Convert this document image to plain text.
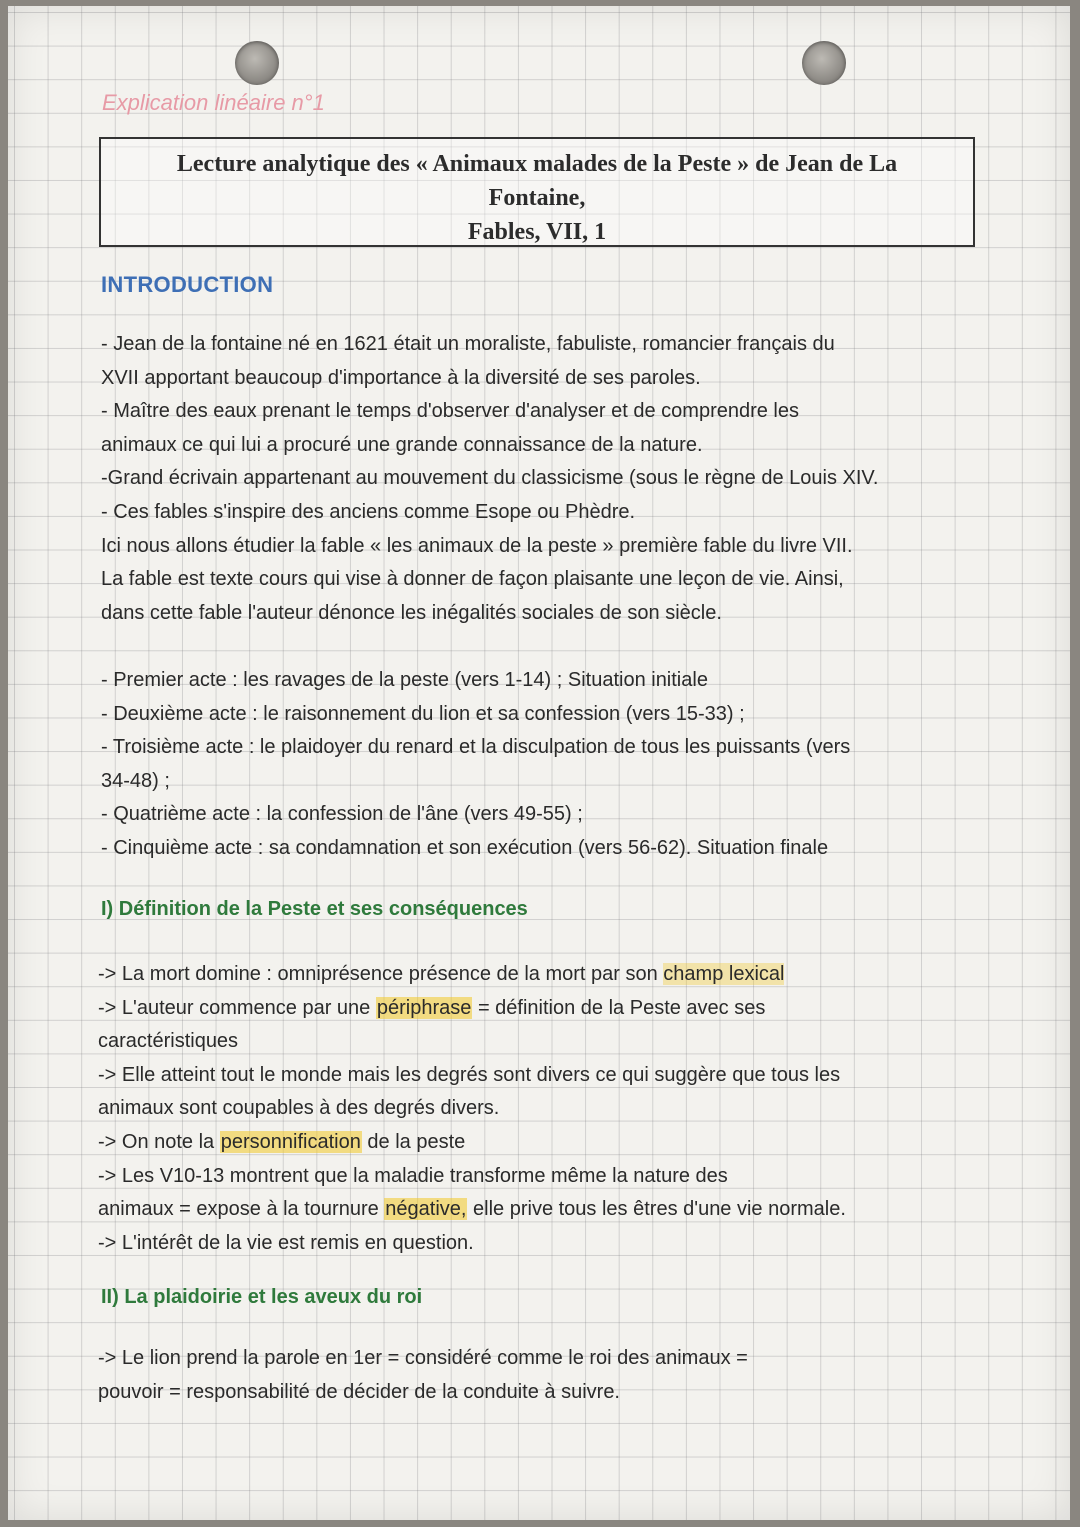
Explication linéaire n°1
Lecture analytique des « Animaux malades de la Peste » de Jean de La
Fontaine,
Fables, VII, 1
INTRODUCTION

- Jean de la fontaine né en 1621 était un moraliste, fabuliste, romancier français du

XVII apportant beaucoup d'importance à la diversité de ses paroles.

- Maître des eaux prenant le temps d'observer d'analyser et de comprendre les

animaux ce qui lui a procuré une grande connaissance de la nature.

-Grand écrivain appartenant au mouvement du classicisme (sous le règne de Louis XIV.

- Ces fables s'inspire des anciens comme Esope ou Phèdre.

Ici nous allons étudier la fable « les animaux de la peste » première fable du livre VII.

La fable est texte cours qui vise à donner de façon plaisante une leçon de vie. Ainsi,

dans cette fable l'auteur dénonce les inégalités sociales de son siècle.

- Premier acte : les ravages de la peste (vers 1-14) ; Situation initiale

- Deuxième acte : le raisonnement du lion et sa confession (vers 15-33) ;

- Troisième acte : le plaidoyer du renard et la disculpation de tous les puissants (vers

34-48) ;

- Quatrième acte : la confession de l'âne (vers 49-55) ;

- Cinquième acte : sa condamnation et son exécution (vers 56-62). Situation finale

I) Définition de la Peste et ses conséquences

-> La mort domine : omniprésence présence de la mort par son champ lexical

-> L'auteur commence par une périphrase = définition de la Peste avec ses

caractéristiques

-> Elle atteint tout le monde mais les degrés sont divers ce qui suggère que tous les

animaux sont coupables à des degrés divers.

-> On note la personnification de la peste

-> Les V10-13 montrent que la maladie transforme même la nature des

animaux = expose à la tournure négative, elle prive tous les êtres d'une vie normale.

-> L'intérêt de la vie est remis en question.

II) La plaidoirie et les aveux du roi

-> Le lion prend la parole en 1er = considéré comme le roi des animaux =

pouvoir = responsabilité de décider de la conduite à suivre.
